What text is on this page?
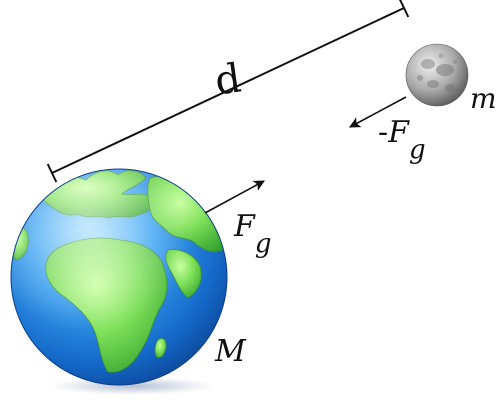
d
Fg
-Fg
M
m
